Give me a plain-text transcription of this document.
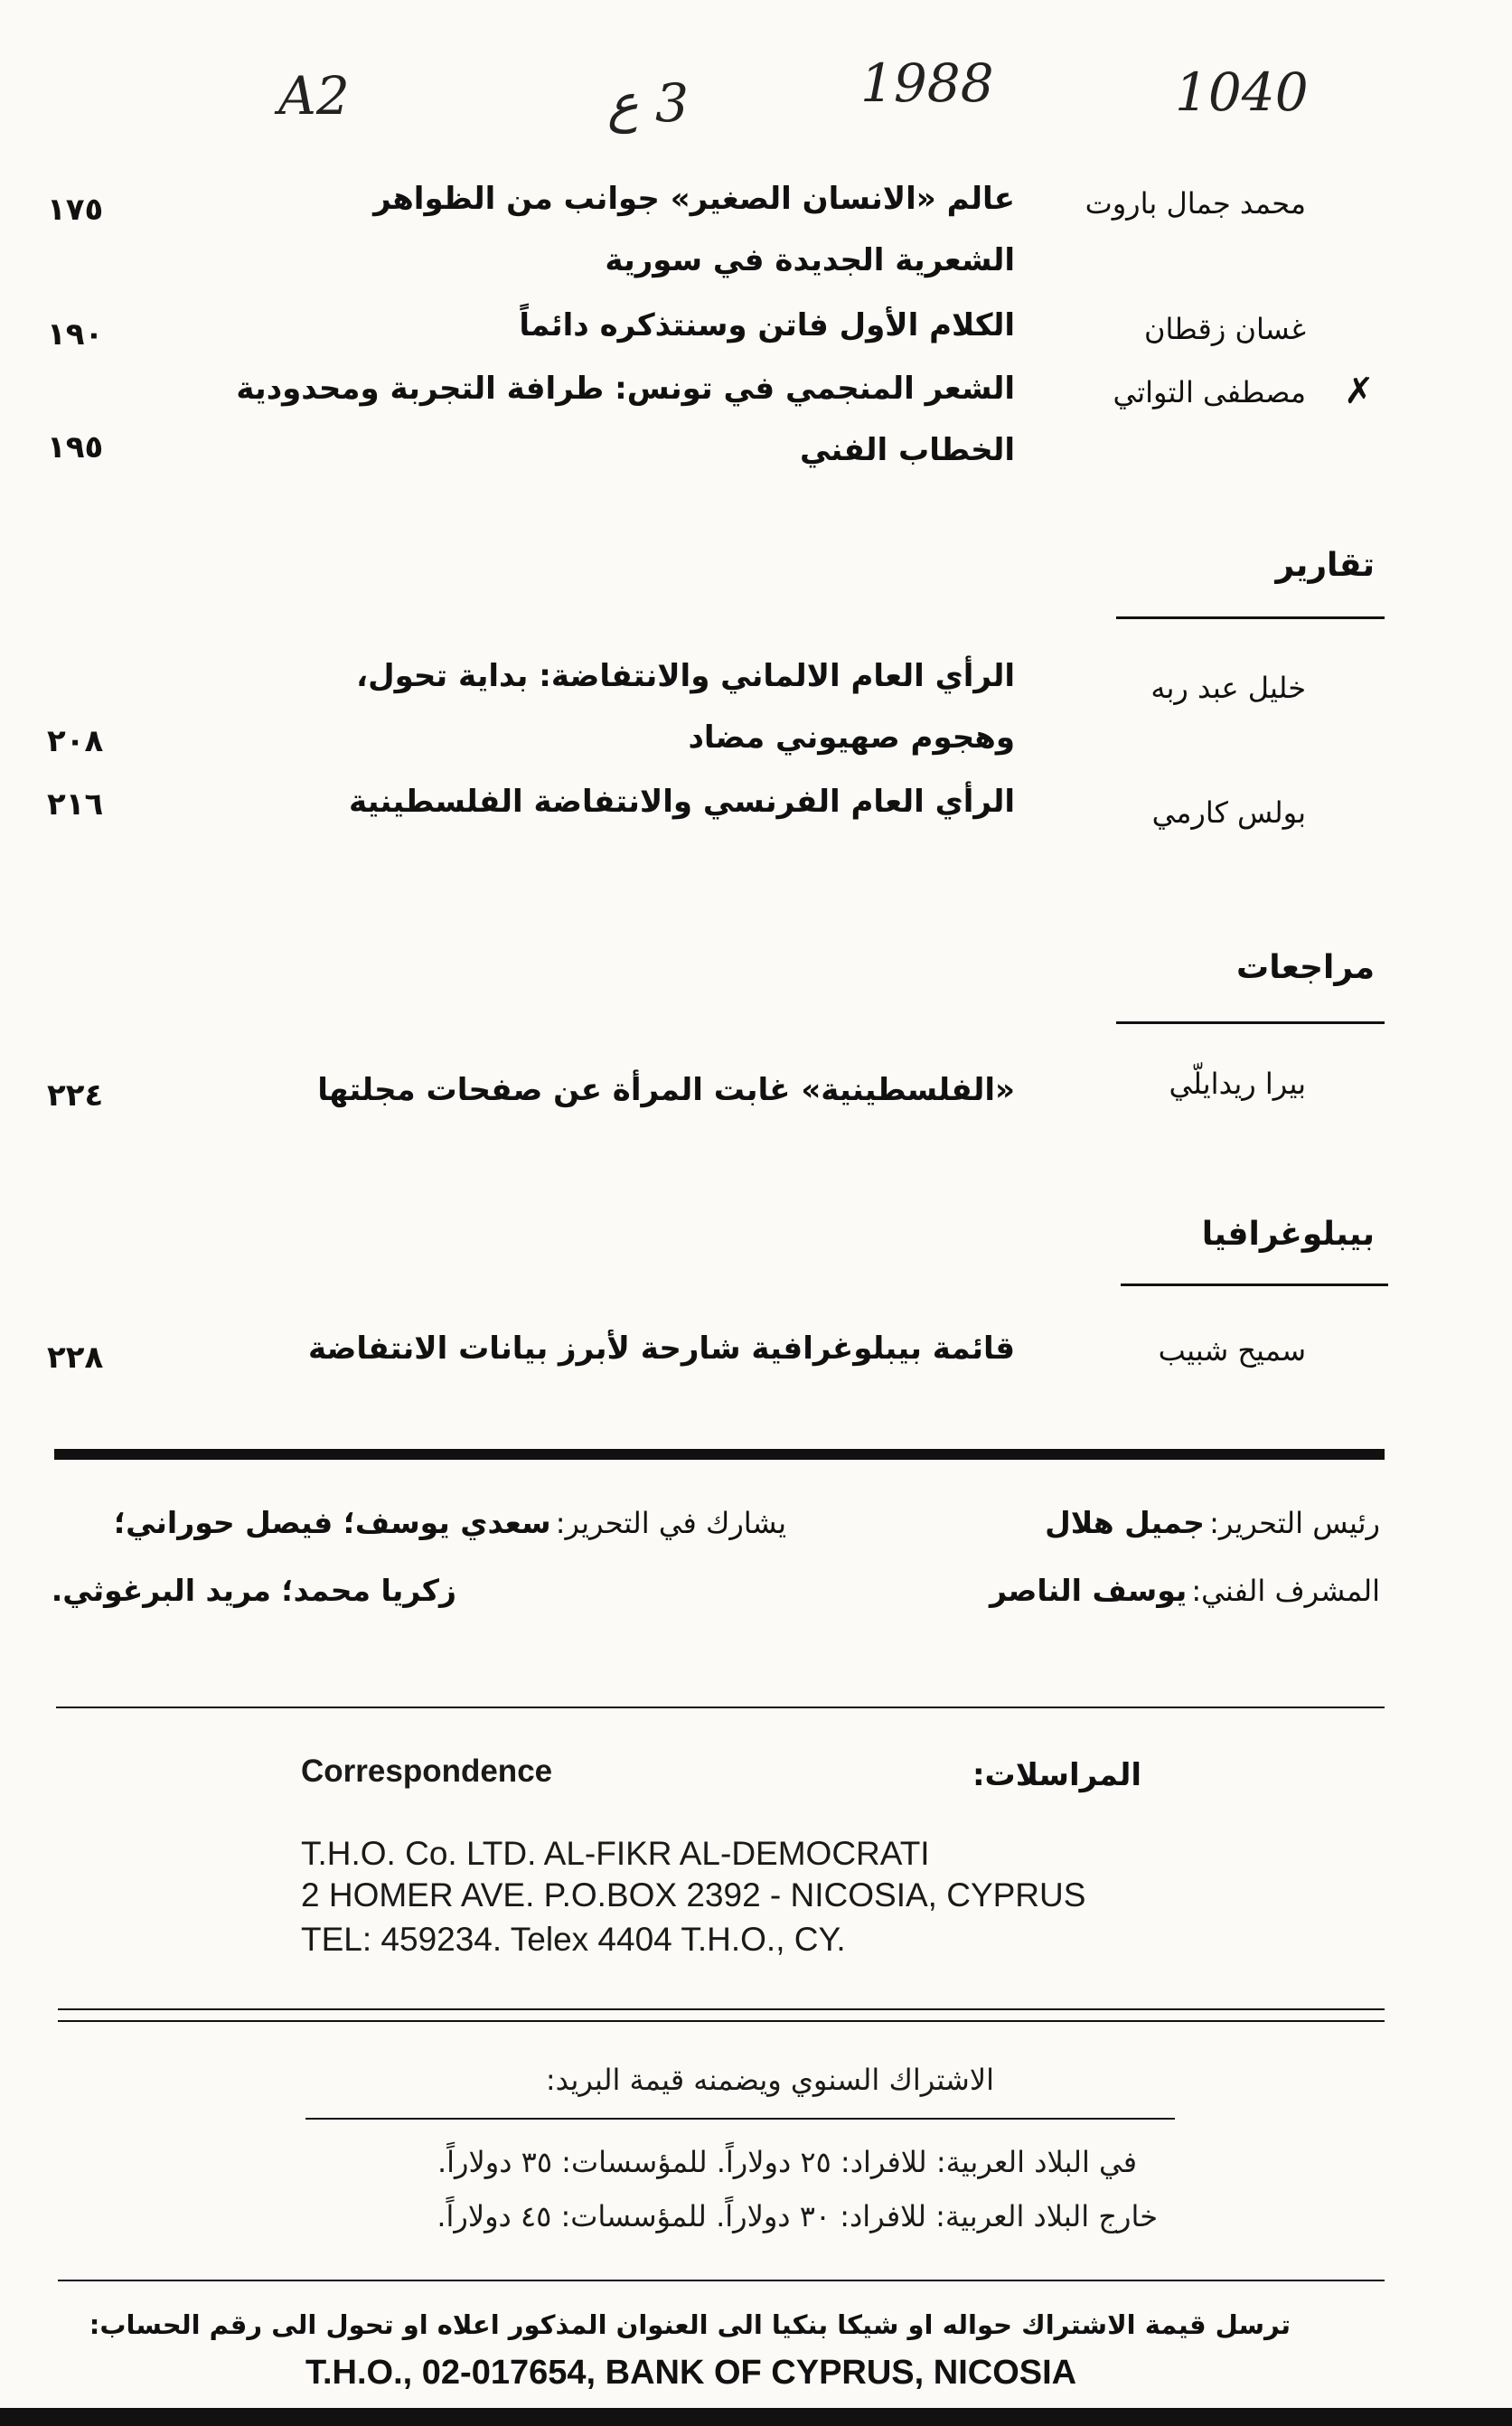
A2	3 ع	1988	1040
محمد جمال باروت
عالم «الانسان الصغير» جوانب من الظواهر
الشعرية الجديدة في سورية
١٧٥
غسان زقطان
الكلام الأول فاتن وسنتذكره دائماً
١٩٠
✗
مصطفى التواتي
الشعر المنجمي في تونس: طرافة التجربة ومحدودية
الخطاب الفني
١٩٥
تقارير
خليل عبد ربه
الرأي العام الالماني والانتفاضة: بداية تحول،
وهجوم صهيوني مضاد
٢٠٨
بولس كارمي
الرأي العام الفرنسي والانتفاضة الفلسطينية
٢١٦
مراجعات
بيرا ريدايلّي
«الفلسطينية» غابت المرأة عن صفحات مجلتها
٢٢٤
بيبلوغرافيا
سميح شبيب
قائمة بيبلوغرافية شارحة لأبرز بيانات الانتفاضة
٢٢٨
رئيس التحرير: جميل هلال
المشرف الفني: يوسف الناصر
يشارك في التحرير: سعدي يوسف؛ فيصل حوراني؛
زكريا محمد؛ مريد البرغوثي.
Correspondence	المراسلات:
T.H.O. Co. LTD. AL-FIKR AL-DEMOCRATI
2 HOMER AVE. P.O.BOX 2392 - NICOSIA, CYPRUS
TEL: 459234. Telex 4404 T.H.O., CY.
الاشتراك السنوي ويضمنه قيمة البريد:
في البلاد العربية: للافراد: ٢٥ دولاراً. للمؤسسات: ٣٥ دولاراً.
خارج البلاد العربية: للافراد: ٣٠ دولاراً. للمؤسسات: ٤٥ دولاراً.
ترسل قيمة الاشتراك حواله او شيكا بنكيا الى العنوان المذكور اعلاه او تحول الى رقم الحساب:
T.H.O., 02-017654, BANK OF CYPRUS, NICOSIA
